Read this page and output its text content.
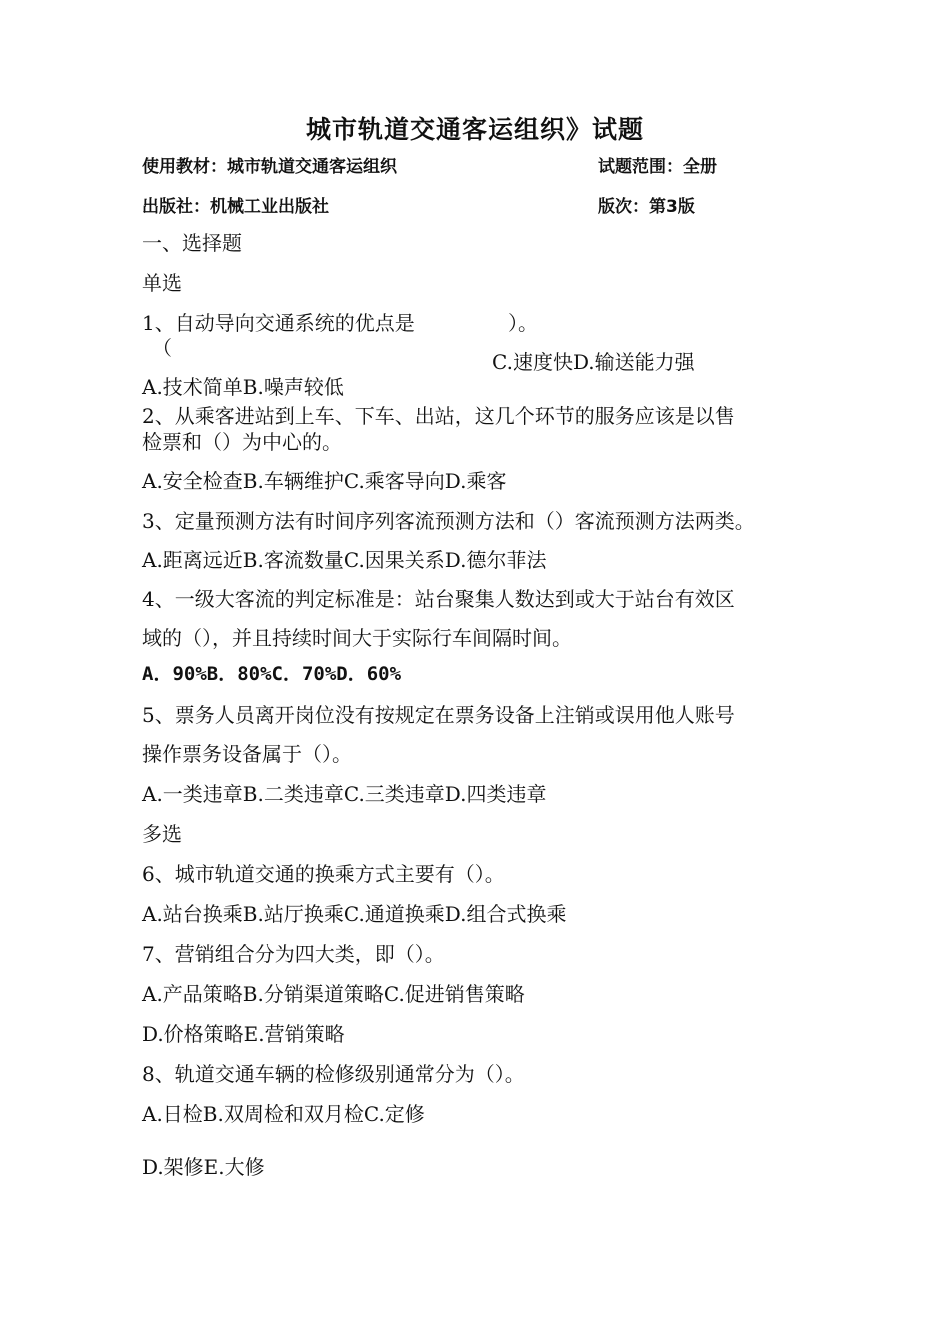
城市轨道交通客运组织》试题
使用教材：城市轨道交通客运组织	试题范围：全册
出版社：机械工业出版社	版次：第3版
一、选择题
单选
1、自动导向交通系统的优点是	）。
（
C.速度快D.输送能力强
A.技术简单B.噪声较低
2、从乘客进站到上车、下车、出站，这几个环节的服务应该是以售
检票和（）为中心的。
A.安全检查B.车辆维护C.乘客导向D.乘客
3、定量预测方法有时间序列客流预测方法和（）客流预测方法两类。
A.距离远近B.客流数量C.因果关系D.德尔菲法
4、一级大客流的判定标准是：站台聚集人数达到或大于站台有效区
域的（），并且持续时间大于实际行车间隔时间。
A．90%B．80%C．70%D．60%
5、票务人员离开岗位没有按规定在票务设备上注销或误用他人账号
操作票务设备属于（）。
A.一类违章B.二类违章C.三类违章D.四类违章
多选
6、城市轨道交通的换乘方式主要有（）。
A.站台换乘B.站厅换乘C.通道换乘D.组合式换乘
7、营销组合分为四大类，即（）。
A.产品策略B.分销渠道策略C.促进销售策略
D.价格策略E.营销策略
8、轨道交通车辆的检修级别通常分为（）。
A.日检B.双周检和双月检C.定修
D.架修E.大修
